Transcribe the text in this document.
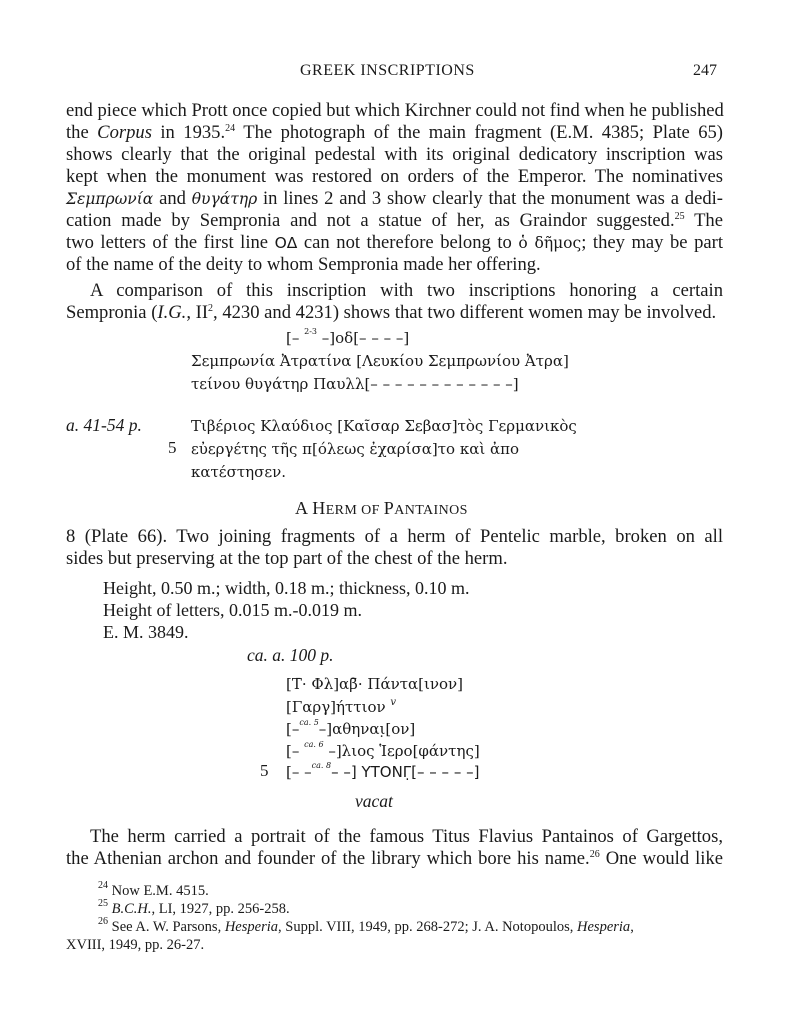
GREEK INSCRIPTIONS	247
end piece which Prott once copied but which Kirchner could not find when he published
the Corpus in 1935.24 The photograph of the main fragment (E.M. 4385; Plate 65)
shows clearly that the original pedestal with its original dedicatory inscription was
kept when the monument was restored on orders of the Emperor. The nominatives
Σεμπρωνία and θυγάτηρ in lines 2 and 3 show clearly that the monument was a dedi-
cation made by Sempronia and not a statue of her, as Graindor suggested.$^{25}$ The
two letters of the first line ΟΔ can not therefore belong to ὁ δῆμος; they may be part
of the name of the deity to whom Sempronia made her offering.
A comparison of this inscription with two inscriptions honoring a certain
Sempronia (I.G., $II^2$, 4230 and 4231) shows that two different women may be involved.
[– $^{2-3}$ –]οδ[– – – –]
Σεμπρωνία Ἀτρατίνα [Λευκίου Σεμπρωνίου Ἀτρα]
τείνου θυγάτηρ Παυλλ[– – – – – – – – – – – –]
a. 41-54 p.	Τιβέριος Κλαύδιος [Καῖσαρ Σεβασ]τὸς Γερμανικὸς
5 εὐεργέτης τῆς π[όλεως ἐχαρίσα]το καὶ ἀπο
κατέστησεν.
A HERM OF PANTAINOS
8 (Plate 66). Two joining fragments of a herm of Pentelic marble, broken on all
sides but preserving at the top part of the chest of the herm.
Height, 0.50 m.; width, 0.18 m.; thickness, 0.10 m.
Height of letters, 0.015 m.-0.019 m.
E. M. 3849.
ca. a. 100 p.
[Τ̄· Φλ]αβ̄· Πάντα[ινον]
[Γαργ]ήττιον $^v$
[–$^{ca. 5}$–]αθηναι̣[ον]
[– $^{ca. 6}$ –]λιος Ἱερο[φάντης]
5 [– –$^{ca. 8}$– –] ΥΤΟΝΓ̣[– – – – –]
vacat
The herm carried a portrait of the famous Titus Flavius Pantainos of Gargettos,
the Athenian archon and founder of the library which bore his name.$^{26}$ One would like
$^{24}$ Now E.M. 4515.
$^{25}$ B.C.H., LI, 1927, pp. 256-258.
$^{26}$ See A. W. Parsons, Hesperia, Suppl. VIII, 1949, pp. 268-272; J. A. Notopoulos, Hesperia,
XVIII, 1949, pp. 26-27.
